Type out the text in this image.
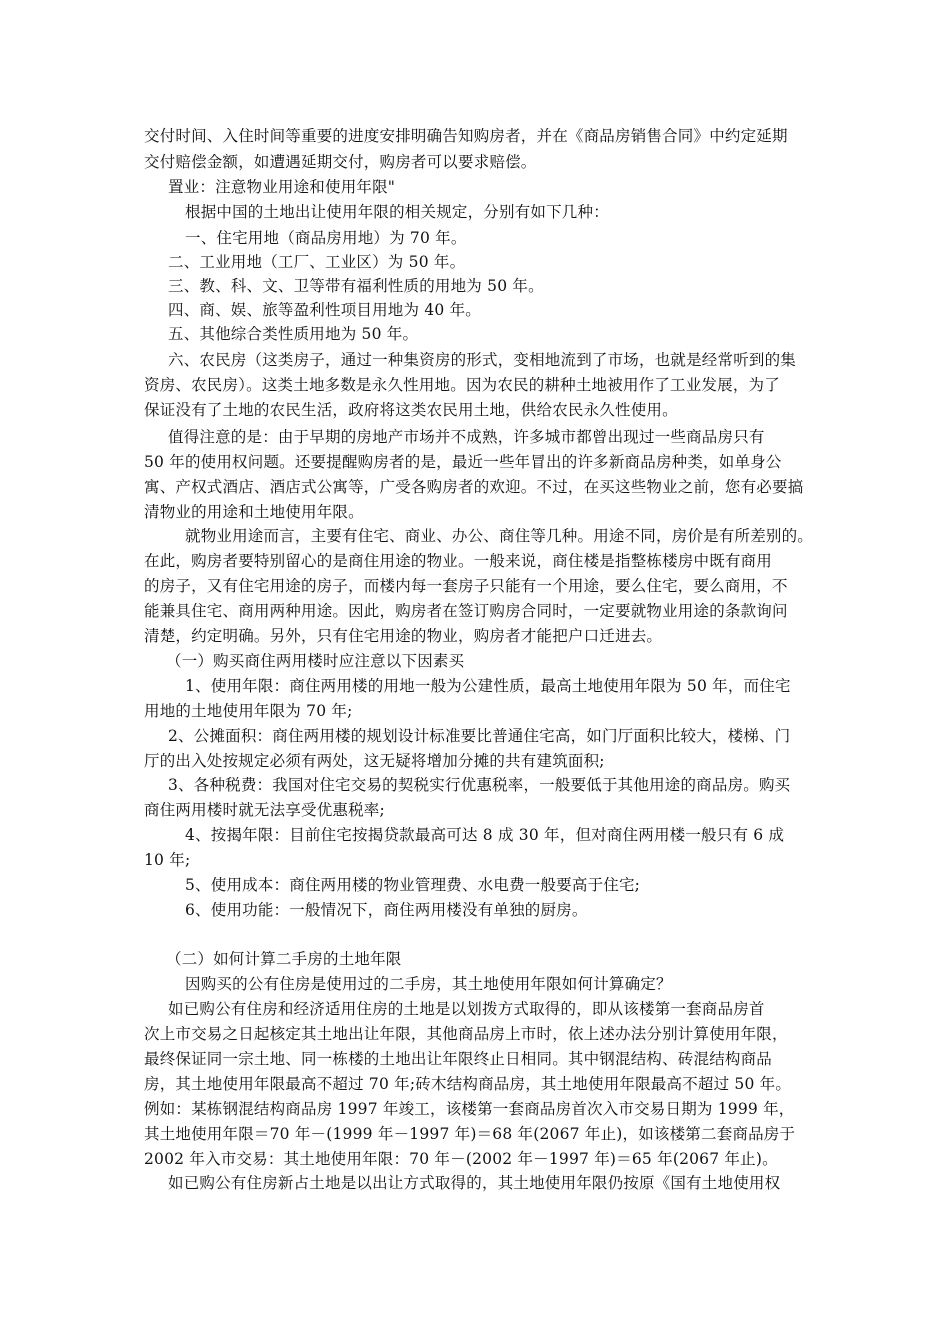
交付时间、入住时间等重要的进度安排明确告知购房者，并在《商品房销售合同》中约定延期
交付赔偿金额，如遭遇延期交付，购房者可以要求赔偿。
置业：注意物业用途和使用年限"
根据中国的土地出让使用年限的相关规定，分别有如下几种：
一、住宅用地（商品房用地）为 70 年。
二、工业用地（工厂、工业区）为 50 年。
三、教、科、文、卫等带有福利性质的用地为 50 年。
四、商、娱、旅等盈利性项目用地为 40 年。
五、其他综合类性质用地为 50 年。
六、农民房（这类房子，通过一种集资房的形式，变相地流到了市场，也就是经常听到的集
资房、农民房）。这类土地多数是永久性用地。因为农民的耕种土地被用作了工业发展，为了
保证没有了土地的农民生活，政府将这类农民用土地，供给农民永久性使用。
值得注意的是：由于早期的房地产市场并不成熟，许多城市都曾出现过一些商品房只有
50 年的使用权问题。还要提醒购房者的是，最近一些年冒出的许多新商品房种类，如单身公
寓、产权式酒店、酒店式公寓等，广受各购房者的欢迎。不过，在买这些物业之前，您有必要搞
清物业的用途和土地使用年限。
就物业用途而言，主要有住宅、商业、办公、商住等几种。用途不同，房价是有所差别的。
在此，购房者要特别留心的是商住用途的物业。一般来说，商住楼是指整栋楼房中既有商用
的房子，又有住宅用途的房子，而楼内每一套房子只能有一个用途，要么住宅，要么商用，不
能兼具住宅、商用两种用途。因此，购房者在签订购房合同时，一定要就物业用途的条款询问
清楚，约定明确。另外，只有住宅用途的物业，购房者才能把户口迁进去。
（一）购买商住两用楼时应注意以下因素买
1、使用年限：商住两用楼的用地一般为公建性质，最高土地使用年限为 50 年，而住宅
用地的土地使用年限为 70 年;
2、公摊面积：商住两用楼的规划设计标准要比普通住宅高，如门厅面积比较大，楼梯、门
厅的出入处按规定必须有两处，这无疑将增加分摊的共有建筑面积;
3、各种税费：我国对住宅交易的契税实行优惠税率，一般要低于其他用途的商品房。购买
商住两用楼时就无法享受优惠税率;
4、按揭年限：目前住宅按揭贷款最高可达 8 成 30 年，但对商住两用楼一般只有 6 成
10 年;
5、使用成本：商住两用楼的物业管理费、水电费一般要高于住宅;
6、使用功能：一般情况下，商住两用楼没有单独的厨房。
（二）如何计算二手房的土地年限
因购买的公有住房是使用过的二手房，其土地使用年限如何计算确定？
如已购公有住房和经济适用住房的土地是以划拨方式取得的，即从该楼第一套商品房首
次上市交易之日起核定其土地出让年限，其他商品房上市时，依上述办法分别计算使用年限，
最终保证同一宗土地、同一栋楼的土地出让年限终止日相同。其中钢混结构、砖混结构商品
房，其土地使用年限最高不超过 70 年;砖木结构商品房，其土地使用年限最高不超过 50 年。
例如：某栋钢混结构商品房 1997 年竣工，该楼第一套商品房首次入市交易日期为 1999 年，
其土地使用年限＝70 年－(1999 年－1997 年)＝68 年(2067 年止)，如该楼第二套商品房于
2002 年入市交易：其土地使用年限：70 年－(2002 年－1997 年)＝65 年(2067 年止)。
如已购公有住房新占土地是以出让方式取得的，其土地使用年限仍按原《国有土地使用权
